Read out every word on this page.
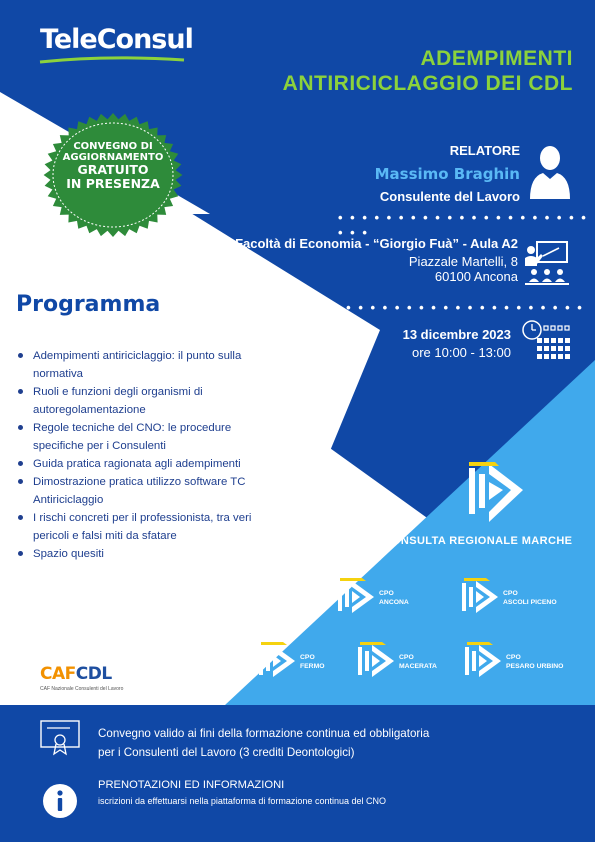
TeleConsul
ADEMPIMENTI
ANTIRICICLAGGIO DEI CDL
CONVEGNO DI
AGGIORNAMENTO
GRATUITO
IN PRESENZA
RELATORE
Massimo Braghin
Consulente del Lavoro
• • • • • • • • • • • • • • • • • • • • • • • •
Facoltà di Economia - “Giorgio Fuà” - Aula A2
Piazzale Martelli, 8
60100 Ancona
• • • • • • • • • • • • • • • • • • • • • • • •
13 dicembre 2023
ore 10:00 - 13:00
Programma
Adempimenti antiriciclaggio: il punto sulla
normativa
Ruoli e funzioni degli organismi di
autoregolamentazione
Regole tecniche del CNO: le procedure
specifiche per i Consulenti
Guida pratica ragionata agli adempimenti
Dimostrazione pratica utilizzo software TC
Antiriciclaggio
I rischi concreti per il professionista, tra veri
pericoli e falsi miti da sfatare
Spazio quesiti
CONSULTA REGIONALE MARCHE
CPO
ANCONA
CPO
ASCOLI PICENO
CPO
FERMO
CPO
MACERATA
CPO
PESARO URBINO
CAFCDL
CAF Nazionale Consulenti del Lavoro
Convegno valido ai fini della formazione continua ed obbligatoria
per i Consulenti del Lavoro (3 crediti Deontologici)
PRENOTAZIONI ED INFORMAZIONI
iscrizioni da effettuarsi nella piattaforma di formazione continua del CNO
